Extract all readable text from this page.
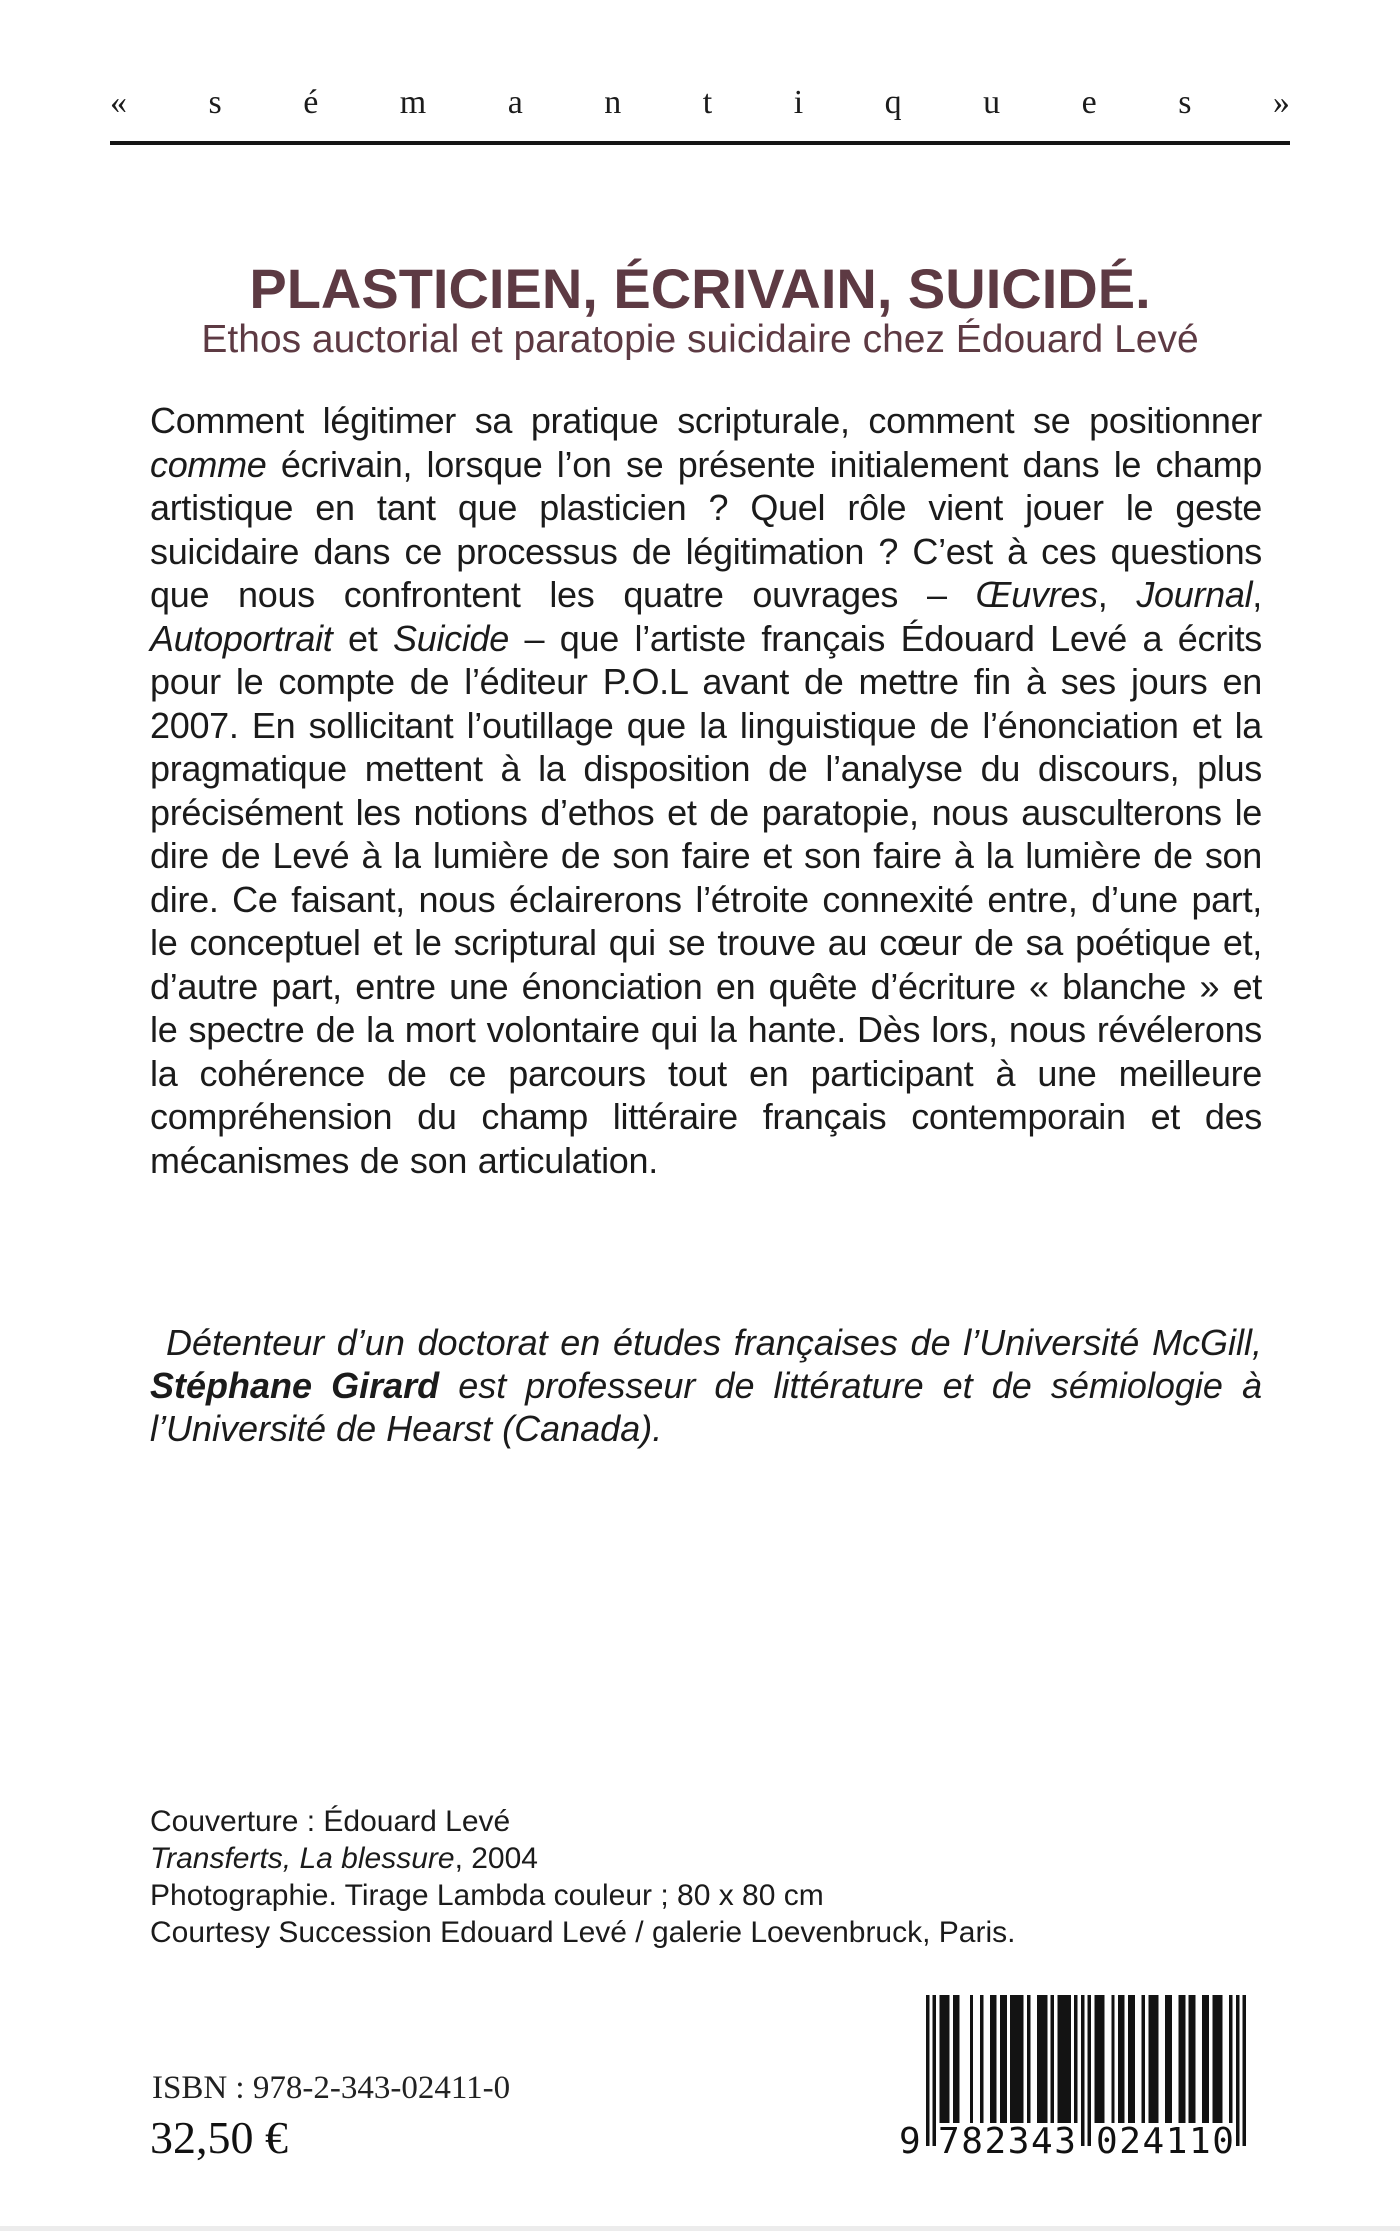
« s é m a n t i q u e s »
PLASTICIEN, ÉCRIVAIN, SUICIDÉ.
Ethos auctorial et paratopie suicidaire chez Édouard Levé

Comment légitimer sa pratique scripturale, comment se positionner comme écrivain, lorsque l’on se présente initialement dans le champ artistique en tant que plasticien ? Quel rôle vient jouer le geste suicidaire dans ce processus de légitimation ? C’est à ces questions que nous confrontent les quatre ouvrages – Œuvres, Journal, Autoportrait et Suicide – que l’artiste français Édouard Levé a écrits pour le compte de l’éditeur P.O.L avant de mettre fin à ses jours en 2007. En sollicitant l’outillage que la linguistique de l’énonciation et la pragmatique mettent à la disposition de l’analyse du discours, plus précisément les notions d’ethos et de paratopie, nous ausculterons le dire de Levé à la lumière de son faire et son faire à la lumière de son dire. Ce faisant, nous éclairerons l’étroite connexité entre, d’une part, le conceptuel et le scriptural qui se trouve au cœur de sa poétique et, d’autre part, entre une énonciation en quête d’écriture « blanche » et le spectre de la mort volontaire qui la hante. Dès lors, nous révélerons la cohérence de ce parcours tout en participant à une meilleure compréhension du champ littéraire français contemporain et des mécanismes de son articulation.

Détenteur d’un doctorat en études françaises de l’Université McGill, Stéphane Girard est professeur de littérature et de sémiologie à l’Université de Hearst (Canada).

Couverture : Édouard Levé
Transferts, La blessure, 2004
Photographie. Tirage Lambda couleur ; 80 x 80 cm
Courtesy Succession Edouard Levé / galerie Loevenbruck, Paris.
ISBN : 978-2-343-02411-0
32,50 €	9 7 8 2 3 4 3 0 2 4 1 1 0
